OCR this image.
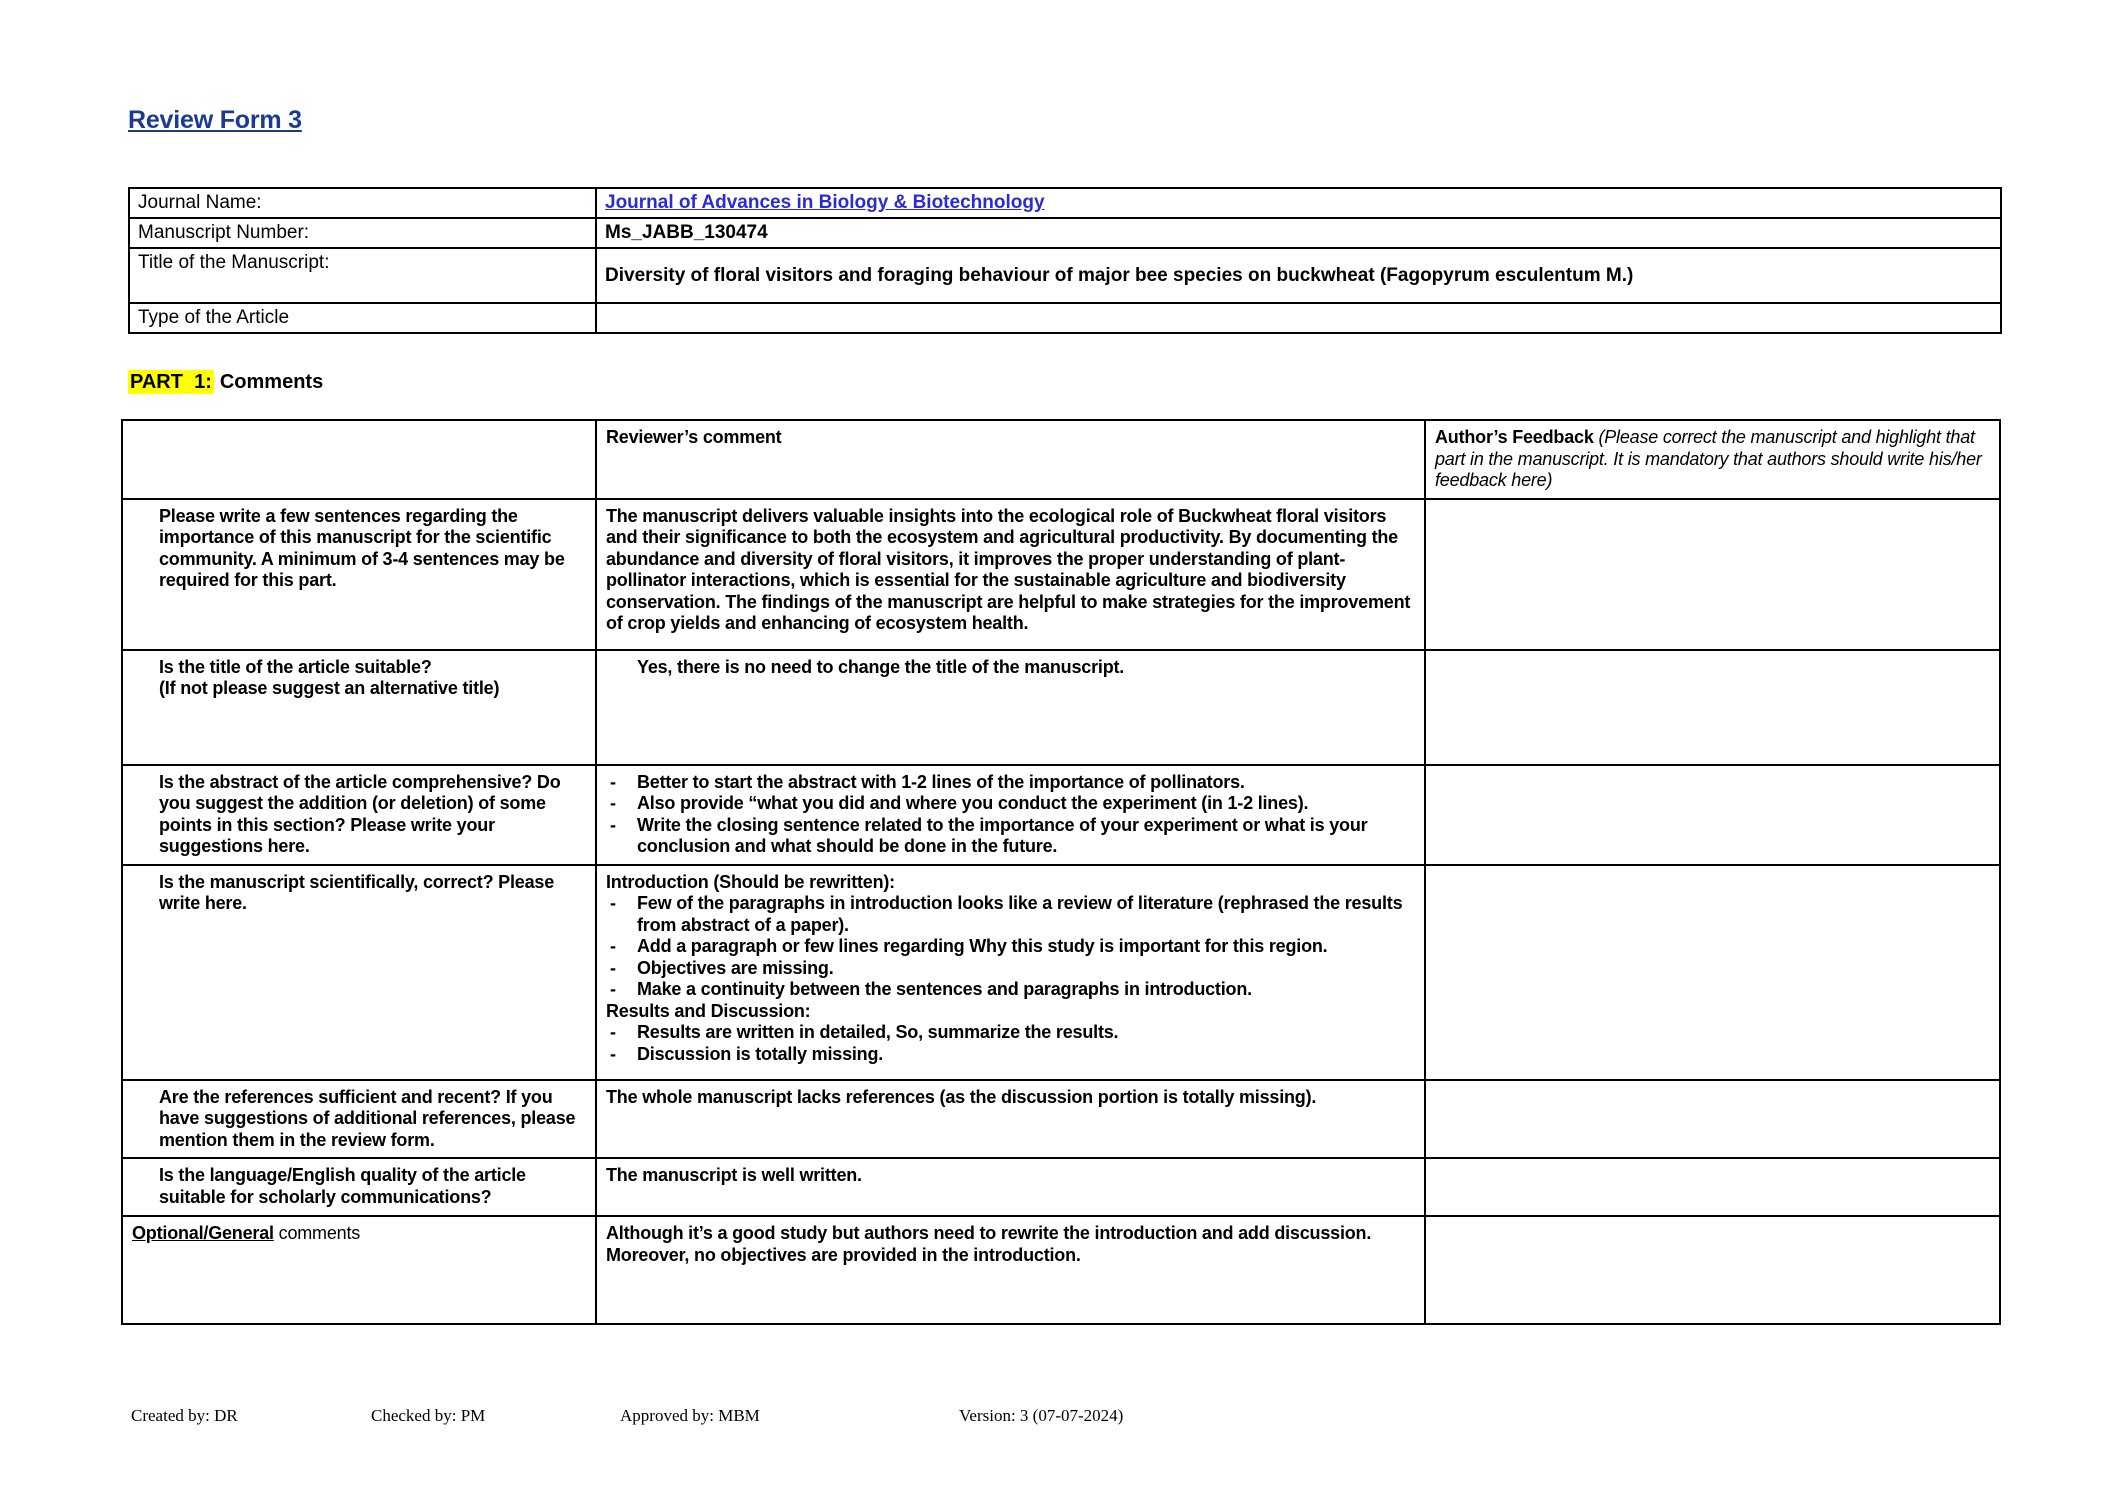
Review Form 3
Journal Name:	Journal of Advances in Biology & Biotechnology
Manuscript Number:	Ms_JABB_130474
Title of the Manuscript:	Diversity of floral visitors and foraging behaviour of major bee species on buckwheat (Fagopyrum esculentum M.)
Type of the Article	
PART  1: Comments
	Reviewer’s comment	Author’s Feedback (Please correct the manuscript and highlight that part in the manuscript. It is mandatory that authors should write his/her feedback here)
Please write a few sentences regarding the importance of this manuscript for the scientific community. A minimum of 3-4 sentences may be required for this part.	The manuscript delivers valuable insights into the ecological role of Buckwheat floral visitors and their significance to both the ecosystem and agricultural productivity. By documenting the abundance and diversity of floral visitors, it improves the proper understanding of plant-pollinator interactions, which is essential for the sustainable agriculture and biodiversity conservation. The findings of the manuscript are helpful to make strategies for the improvement of crop yields and enhancing of ecosystem health.	

Is the title of the article suitable?
(If not please suggest an alternative title)	Yes, there is no need to change the title of the manuscript.	

Is the abstract of the article comprehensive? Do you suggest the addition (or deletion) of some points in this section? Please write your suggestions here.	
-	Better to start the abstract with 1-2 lines of the importance of pollinators.
-	Also provide “what you did and where you conduct the experiment (in 1-2 lines).
-	Write the closing sentence related to the importance of your experiment or what is your conclusion and what should be done in the future.

Is the manuscript scientifically, correct? Please write here.	
Introduction (Should be rewritten):
-	Few of the paragraphs in introduction looks like a review of literature (rephrased the results from abstract of a paper).
-	Add a paragraph or few lines regarding Why this study is important for this region.
-	Objectives are missing.
-	Make a continuity between the sentences and paragraphs in introduction.
Results and Discussion:
-	Results are written in detailed, So, summarize the results.
-	Discussion is totally missing.

Are the references sufficient and recent? If you have suggestions of additional references, please mention them in the review form.	The whole manuscript lacks references (as the discussion portion is totally missing).	
Is the language/English quality of the article suitable for scholarly communications?	The manuscript is well written.	
Optional/General comments	Although it’s a good study but authors need to rewrite the introduction and add discussion. Moreover, no objectives are provided in the introduction.	
Created by: DR	Checked by: PM	Approved by: MBM	Version: 3 (07-07-2024)
